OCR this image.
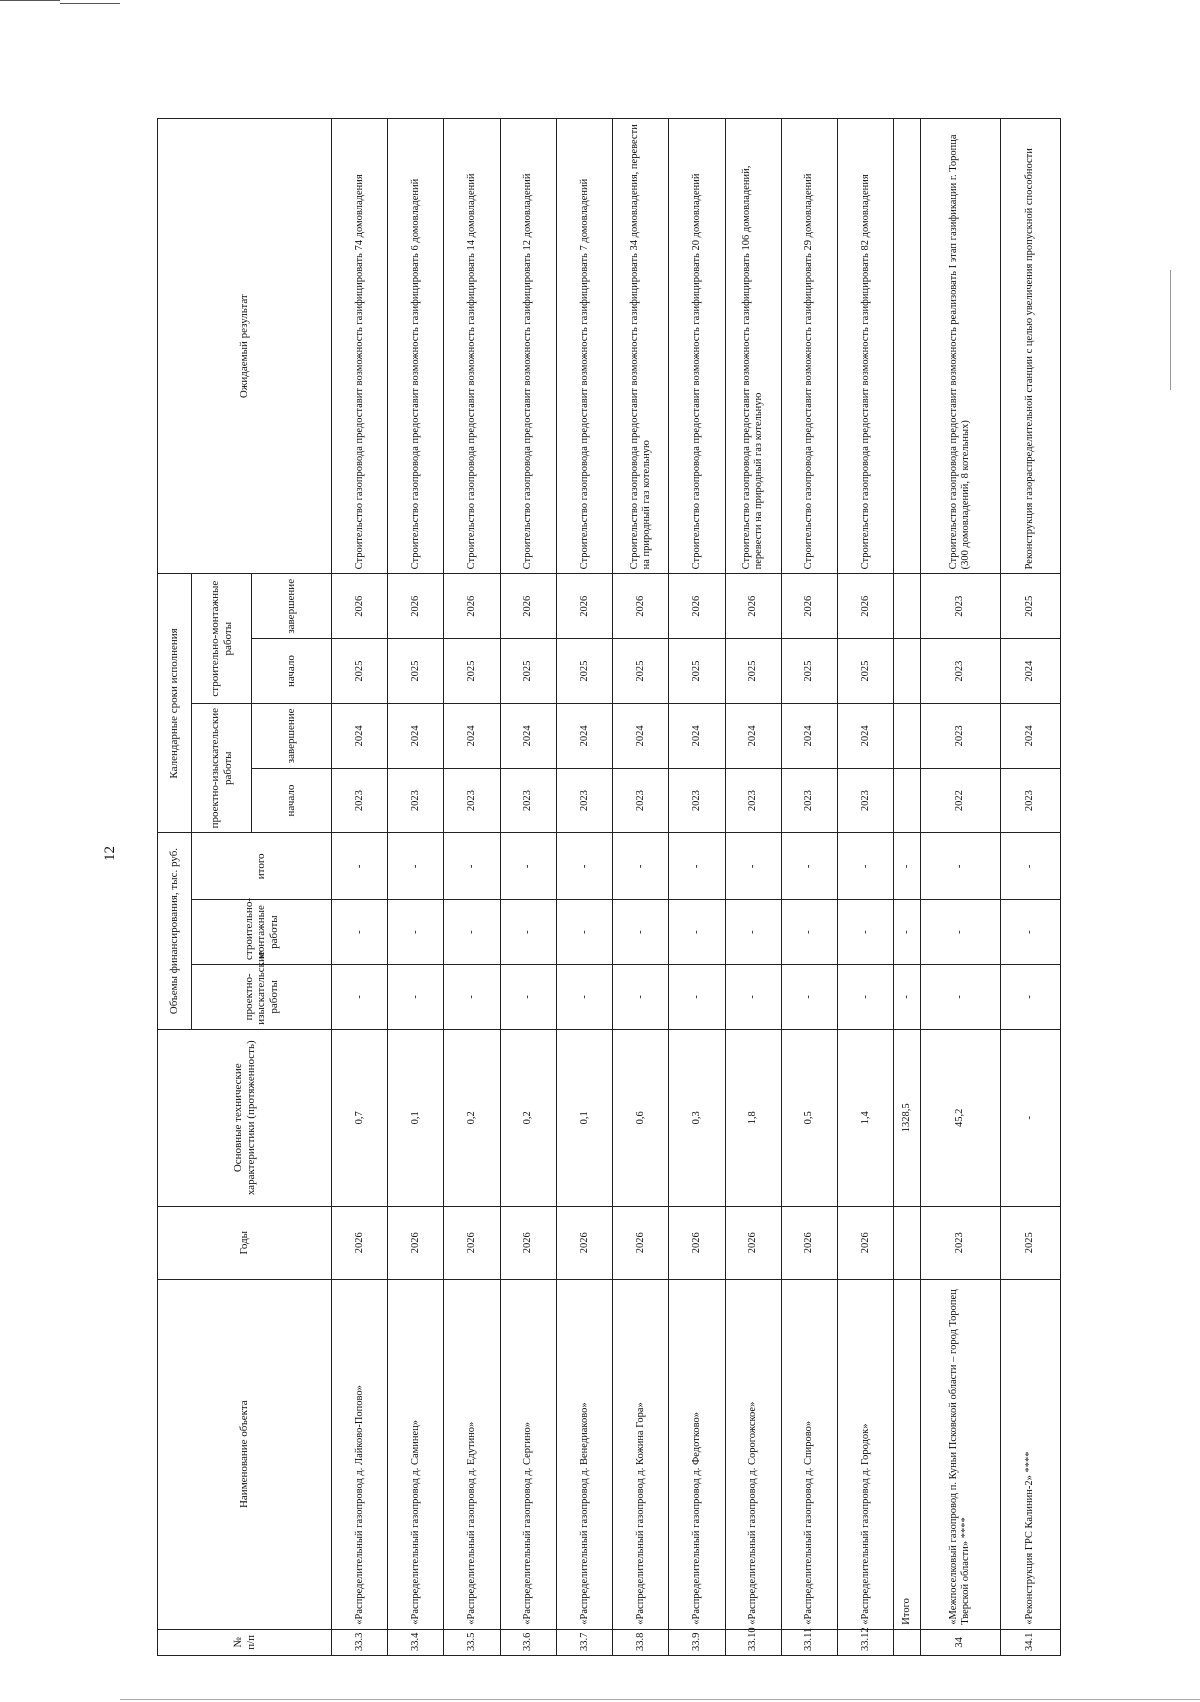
12
№ п/п	Наименование объекта	Годы	Основные технические характеристики (протяженность)	Объемы финансирования, тыс. руб.			Календарные сроки исполнения				Ожидаемый результат
				проектно-изыскательские работы	строительно-монтажные работы	итого	проектно-изыскательские работы		строительно-монтажные работы		
							начало	завершение	начало	завершение	
33.3	«Распределительный газопровод д. Лайково-Попово»	2026	0,7	-	-	-	2023	2024	2025	2026	Строительство газопровода предоставит возможность газифицировать 74 домовладения
33.4	«Распределительный газопровод д. Саминец»	2026	0,1	-	-	-	2023	2024	2025	2026	Строительство газопровода предоставит возможность газифицировать 6 домовладений
33.5	«Распределительный газопровод д. Едутино»	2026	0,2	-	-	-	2023	2024	2025	2026	Строительство газопровода предоставит возможность газифицировать 14 домовладений
33.6	«Распределительный газопровод д. Сергино»	2026	0,2	-	-	-	2023	2024	2025	2026	Строительство газопровода предоставит возможность газифицировать 12 домовладений
33.7	«Распределительный газопровод д. Венедиаково»	2026	0,1	-	-	-	2023	2024	2025	2026	Строительство газопровода предоставит возможность газифицировать 7 домовладений
33.8	«Распределительный газопровод д. Кожина Гора»	2026	0,6	-	-	-	2023	2024	2025	2026	Строительство газопровода предоставит возможность газифицировать 34 домовладения, перевести на природный газ котельную
33.9	«Распределительный газопровод д. Федотково»	2026	0,3	-	-	-	2023	2024	2025	2026	Строительство газопровода предоставит возможность газифицировать 20 домовладений
33.10	«Распределительный газопровод д. Сорогожское»	2026	1,8	-	-	-	2023	2024	2025	2026	Строительство газопровода предоставит возможность газифицировать 106 домовладений, перевести на природный газ котельную
33.11	«Распределительный газопровод д. Спирово»	2026	0,5	-	-	-	2023	2024	2025	2026	Строительство газопровода предоставит возможность газифицировать 29 домовладений
33.12	«Распределительный газопровод д. Городок»	2026	1,4	-	-	-	2023	2024	2025	2026	Строительство газопровода предоставит возможность газифицировать 82 домовладения
	Итого		1328,5	-	-	-					
34	«Межпоселковый газопровод п. Куньи Псковской области – город Торопец Тверской области» ****	2023	45,2	-	-	-	2022	2023	2023	2023	Строительство газопровода предоставит возможность реализовать I этап газификации г. Торопца (300 домовладений, 8 котельных)
34.1	«Реконструкция ГРС Калинин-2» ****	2025	-	-	-	-	2023	2024	2024	2025	Реконструкция газораспределительной станции с целью увеличения пропускной способности
